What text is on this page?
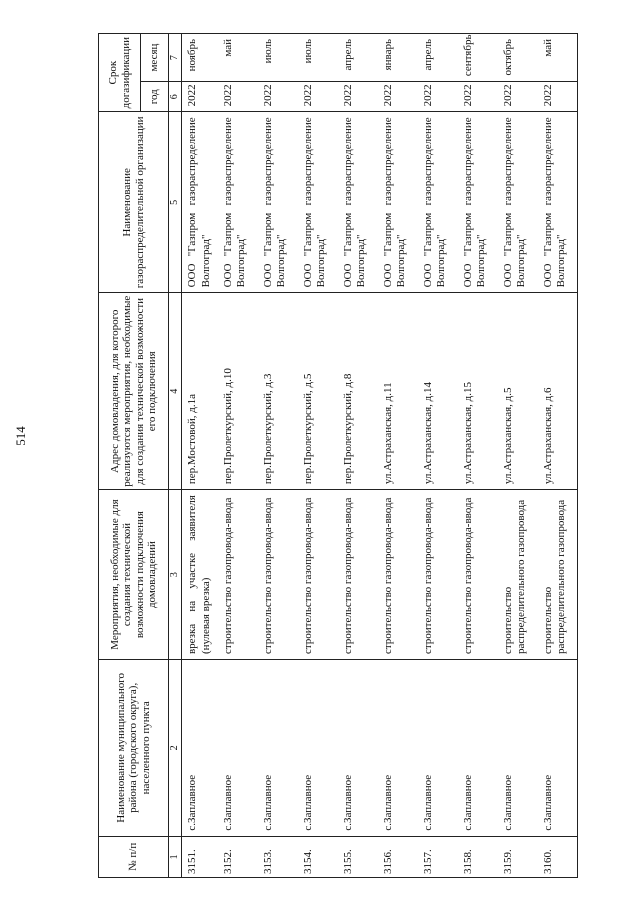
514
№ п/п	Наименование муниципального района (городского округа), населенного пункта	Мероприятия, необходимые для создания технической возможности подключения домовладений	Адрес домовладения, для которого реализуются мероприятия, необходимые для создания технической возможности его подключения	Наименование газораспределительной организации	Срок догазификации	
					год	месяц
1	2	3	4	5	6	7
3151.	с.Заплавное	врезка на участке заявителя (нулевая врезка)	пер.Мостовой, д.1а	ООО "Газпром газораспределение Волгоград"	2022	ноябрь
3152.	с.Заплавное	строительство газопровода-ввода	пер.Пролеткурский, д.10	ООО "Газпром газораспределение Волгоград"	2022	май
3153.	с.Заплавное	строительство газопровода-ввода	пер.Пролеткурский, д.3	ООО "Газпром газораспределение Волгоград"	2022	июль
3154.	с.Заплавное	строительство газопровода-ввода	пер.Пролеткурский, д.5	ООО "Газпром газораспределение Волгоград"	2022	июль
3155.	с.Заплавное	строительство газопровода-ввода	пер.Пролеткурский, д.8	ООО "Газпром газораспределение Волгоград"	2022	апрель
3156.	с.Заплавное	строительство газопровода-ввода	ул.Астраханская, д.11	ООО "Газпром газораспределение Волгоград"	2022	январь
3157.	с.Заплавное	строительство газопровода-ввода	ул.Астраханская, д.14	ООО "Газпром газораспределение Волгоград"	2022	апрель
3158.	с.Заплавное	строительство газопровода-ввода	ул.Астраханская, д.15	ООО "Газпром газораспределение Волгоград"	2022	сентябрь
3159.	с.Заплавное	строительство распределительного газопровода	ул.Астраханская, д.5	ООО "Газпром газораспределение Волгоград"	2022	октябрь
3160.	с.Заплавное	строительство распределительного газопровода	ул.Астраханская, д.6	ООО "Газпром газораспределение Волгоград"	2022	май
